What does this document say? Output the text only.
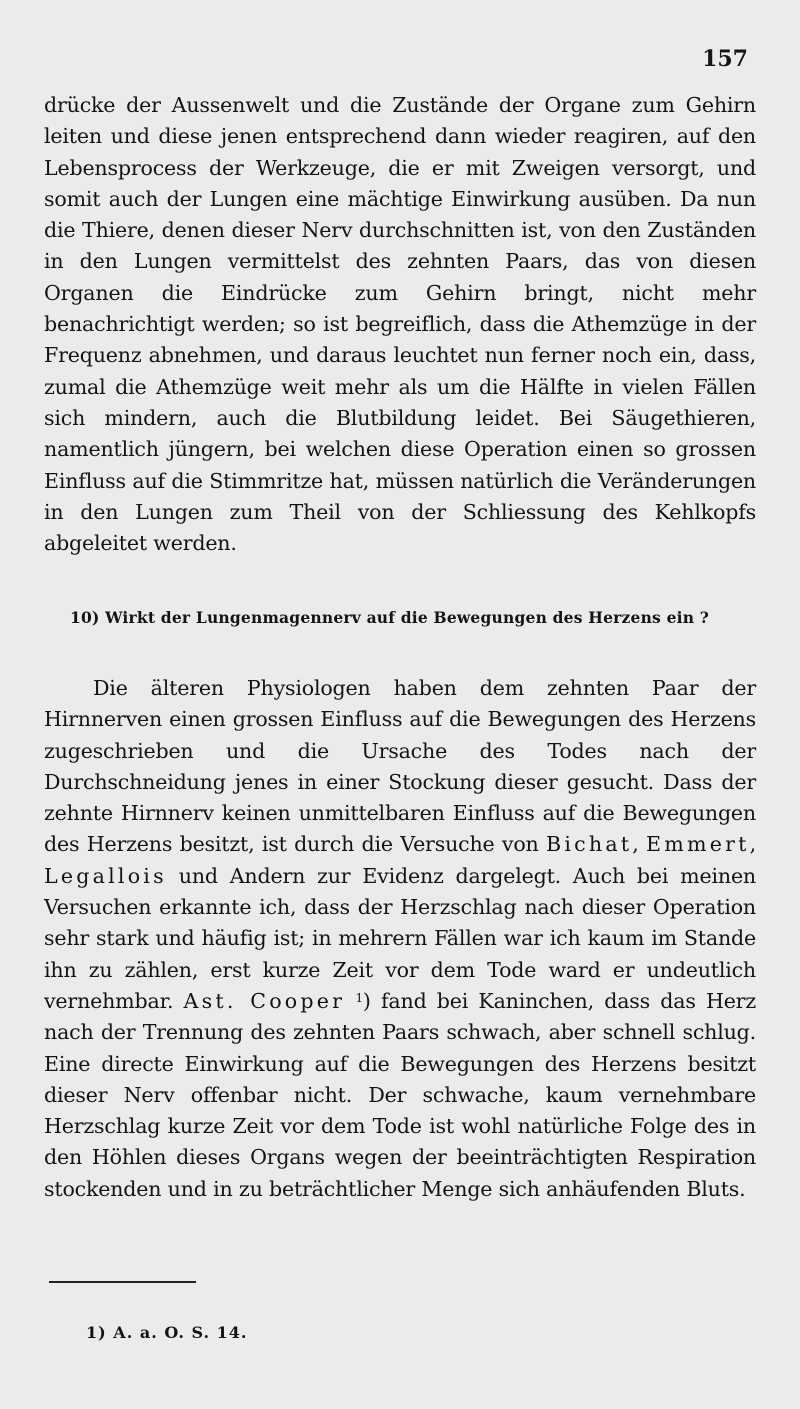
157

drücke der Aussenwelt und die Zustände der Organe zum Gehirn leiten und diese jenen entsprechend dann wieder reagiren, auf den Lebensprocess der Werkzeuge, die er mit Zweigen versorgt, und somit auch der Lungen eine mächtige Einwirkung ausüben. Da nun die Thiere, denen dieser Nerv durchschnitten ist, von den Zuständen in den Lungen vermittelst des zehnten Paars, das von diesen Organen die Eindrücke zum Gehirn bringt, nicht mehr benachrichtigt werden; so ist begreiflich, dass die Athemzüge in der Frequenz abnehmen, und daraus leuchtet nun ferner noch ein, dass, zumal die Athemzüge weit mehr als um die Hälfte in vielen Fällen sich mindern, auch die Blutbildung leidet. Bei Säugethieren, namentlich jüngern, bei welchen diese Operation einen so grossen Einfluss auf die Stimmritze hat, müssen natürlich die Veränderungen in den Lungen zum Theil von der Schliessung des Kehlkopfs abgeleitet werden.

10) Wirkt der Lungenmagennerv auf die Bewegungen des Herzens ein ?

Die älteren Physiologen haben dem zehnten Paar der Hirnnerven einen grossen Einfluss auf die Bewegungen des Herzens zugeschrieben und die Ursache des Todes nach der Durchschneidung jenes in einer Stockung dieser gesucht. Dass der zehnte Hirnnerv keinen unmittelbaren Einfluss auf die Bewegungen des Herzens besitzt, ist durch die Versuche von Bichat, Emmert, Legallois und Andern zur Evidenz dargelegt. Auch bei meinen Versuchen erkannte ich, dass der Herzschlag nach dieser Operation sehr stark und häufig ist; in mehrern Fällen war ich kaum im Stande ihn zu zählen, erst kurze Zeit vor dem Tode ward er undeutlich vernehmbar. Ast. Cooper $^1$) fand bei Kaninchen, dass das Herz nach der Trennung des zehnten Paars schwach, aber schnell schlug. Eine directe Einwirkung auf die Bewegungen des Herzens besitzt dieser Nerv offenbar nicht. Der schwache, kaum vernehmbare Herzschlag kurze Zeit vor dem Tode ist wohl natürliche Folge des in den Höhlen dieses Organs wegen der beeinträchtigten Respiration stockenden und in zu beträchtlicher Menge sich anhäufenden Bluts.

1) A. a. O. S. 14.
